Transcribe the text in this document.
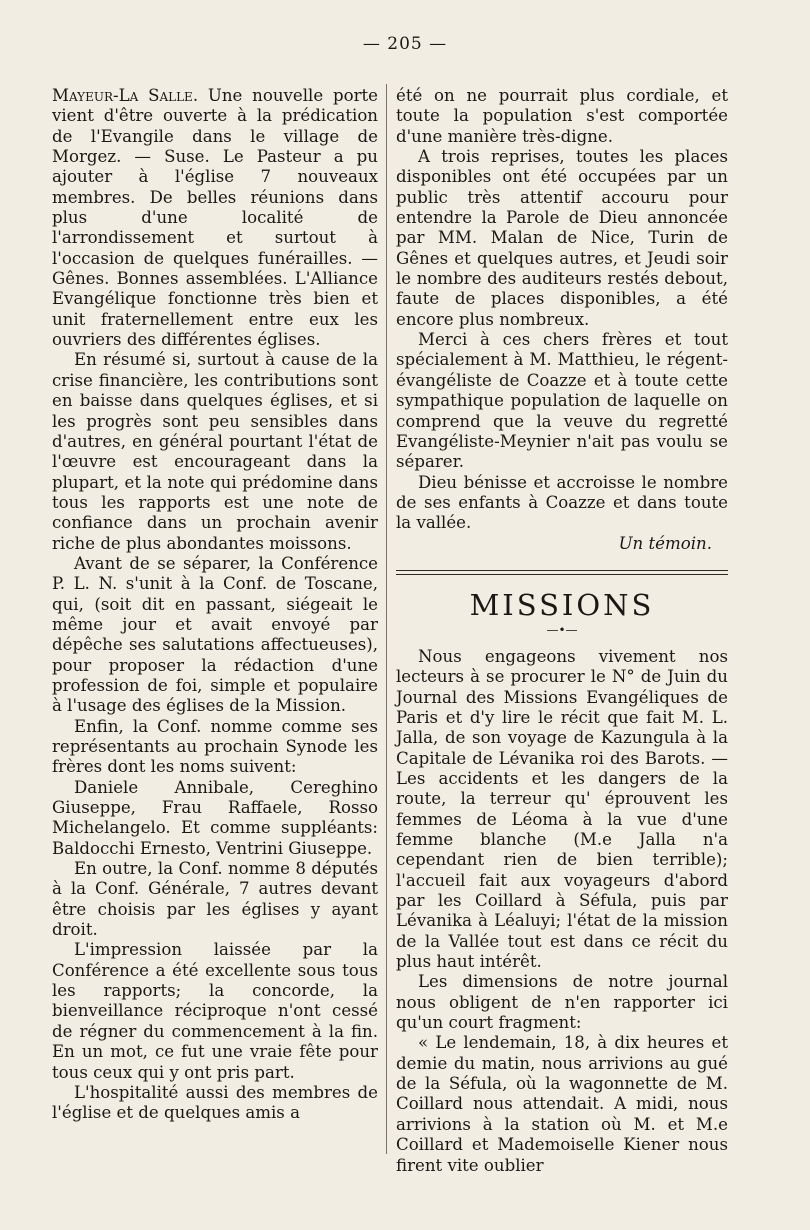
— 205 —

Mayeur-La Salle. Une nouvelle porte vient d'être ouverte à la prédication de l'Evangile dans le village de Morgez. — Suse. Le Pasteur a pu ajouter à l'église 7 nouveaux membres. De belles réunions dans plus d'une localité de l'arrondissement et surtout à l'occasion de quelques funérailles. — Gênes. Bonnes assemblées. L'Alliance Evangélique fonctionne très bien et unit fraternellement entre eux les ouvriers des différentes églises.

En résumé si, surtout à cause de la crise financière, les contributions sont en baisse dans quelques églises, et si les progrès sont peu sensibles dans d'autres, en général pourtant l'état de l'œuvre est encourageant dans la plupart, et la note qui prédomine dans tous les rapports est une note de confiance dans un prochain avenir riche de plus abondantes moissons.

Avant de se séparer, la Conférence P. L. N. s'unit à la Conf. de Toscane, qui, (soit dit en passant, siégeait le même jour et avait envoyé par dépêche ses salutations affectueuses), pour proposer la rédaction d'une profession de foi, simple et populaire à l'usage des églises de la Mission.

Enfin, la Conf. nomme comme ses représentants au prochain Synode les frères dont les noms suivent:

Daniele Annibale, Cereghino Giuseppe, Frau Raffaele, Rosso Michelangelo. Et comme suppléants: Baldocchi Ernesto, Ventrini Giuseppe.

En outre, la Conf. nomme 8 députés à la Conf. Générale, 7 autres devant être choisis par les églises y ayant droit.

L'impression laissée par la Conférence a été excellente sous tous les rapports; la concorde, la bienveillance réciproque n'ont cessé de régner du commencement à la fin. En un mot, ce fut une vraie fête pour tous ceux qui y ont pris part.

L'hospitalité aussi des membres de l'église et de quelques amis a

été on ne pourrait plus cordiale, et toute la population s'est comportée d'une manière très-digne.

A trois reprises, toutes les places disponibles ont été occupées par un public très attentif accouru pour entendre la Parole de Dieu annoncée par MM. Malan de Nice, Turin de Gênes et quelques autres, et Jeudi soir le nombre des auditeurs restés debout, faute de places disponibles, a été encore plus nombreux.

Merci à ces chers frères et tout spécialement à M. Matthieu, le régent-évangéliste de Coazze et à toute cette sympathique population de laquelle on comprend que la veuve du regretté Evangéliste-Meynier n'ait pas voulu se séparer.

Dieu bénisse et accroisse le nombre de ses enfants à Coazze et dans toute la vallée.

Un témoin.

MISSIONS
—•—

Nous engageons vivement nos lecteurs à se procurer le N° de Juin du Journal des Missions Evangéliques de Paris et d'y lire le récit que fait M. L. Jalla, de son voyage de Kazungula à la Capitale de Lévanika roi des Barots. — Les accidents et les dangers de la route, la terreur qu' éprouvent les femmes de Léoma à la vue d'une femme blanche (M.e Jalla n'a cependant rien de bien terrible); l'accueil fait aux voyageurs d'abord par les Coillard à Séfula, puis par Lévanika à Léaluyi; l'état de la mission de la Vallée tout est dans ce récit du plus haut intérêt.

Les dimensions de notre journal nous obligent de n'en rapporter ici qu'un court fragment:

« Le lendemain, 18, à dix heures et demie du matin, nous arrivions au gué de la Séfula, où la wagonnette de M. Coillard nous attendait. A midi, nous arrivions à la station où M. et M.e Coillard et Mademoiselle Kiener nous firent vite oublier
